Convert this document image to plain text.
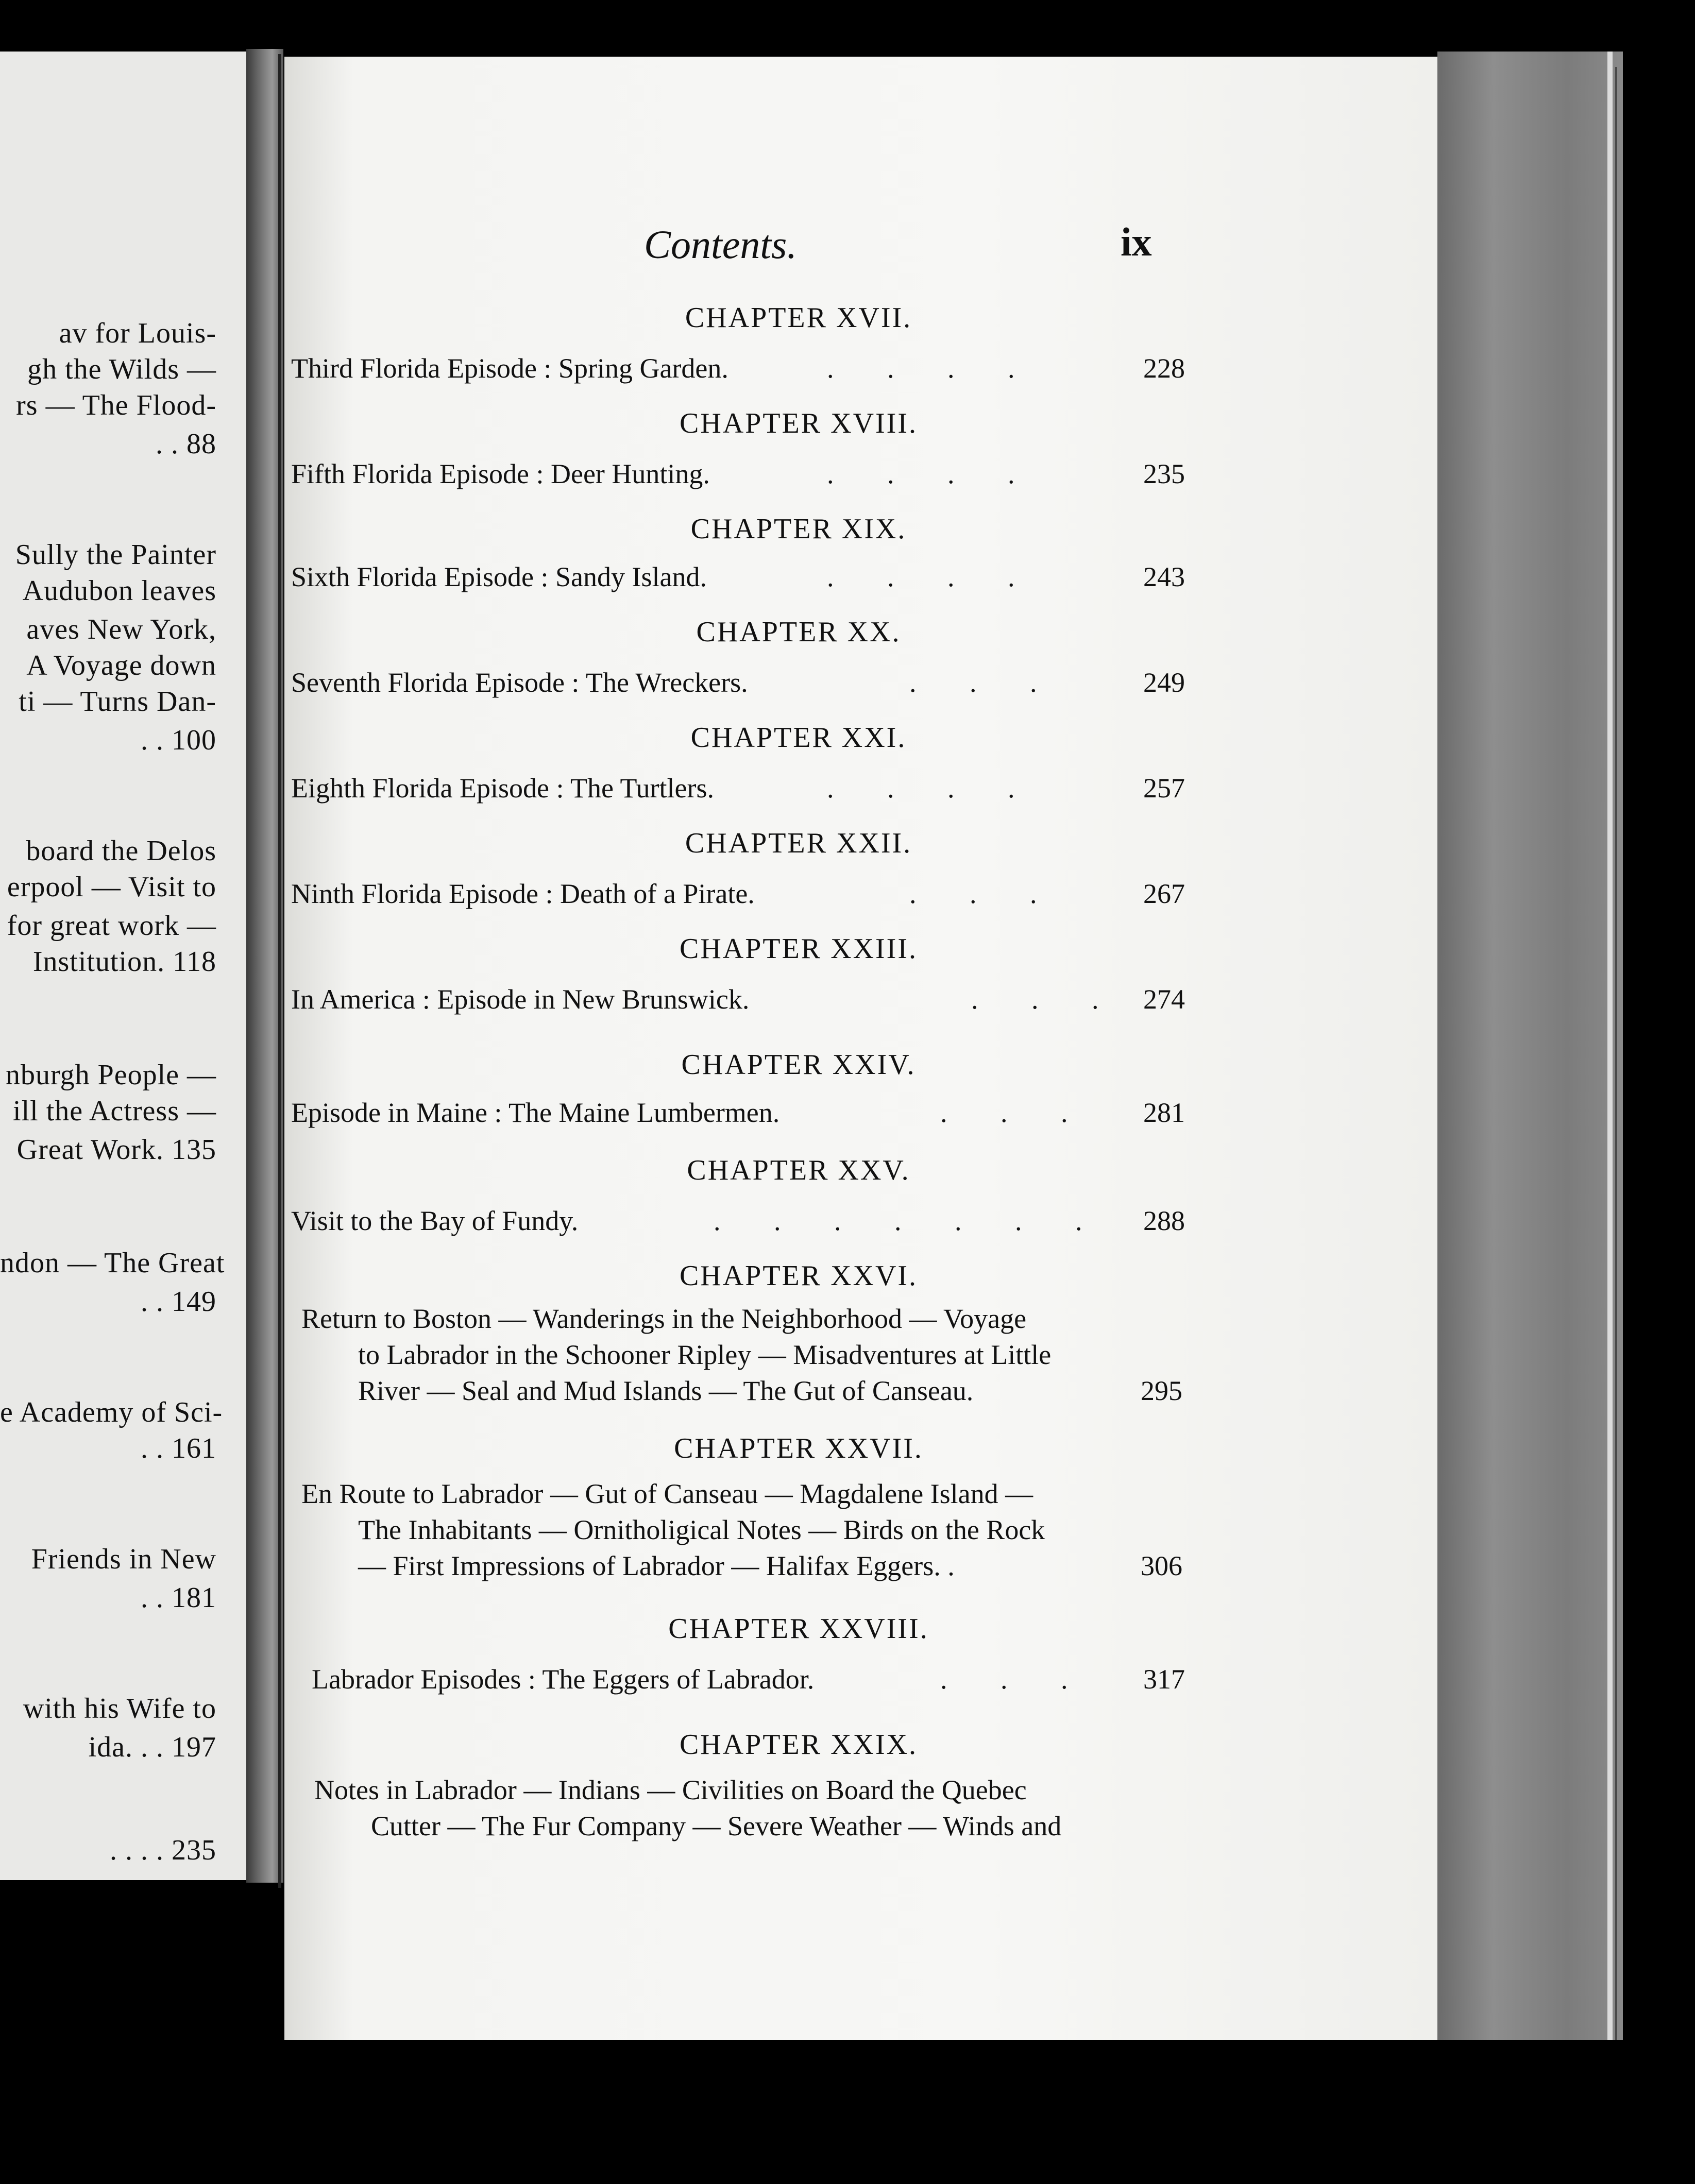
av for Louis-
gh the Wilds —
rs — The Flood-
. . 88
Sully the Painter
Audubon leaves
aves New York,
A Voyage down
ti — Turns Dan-
. . 100
board the Delos
erpool — Visit to
for great work —
Institution. 118
nburgh People —
ill the Actress —
Great Work. 135
ndon — The Great
. . 149
e Academy of Sci-
. . 161
Friends in New
. . 181
with his Wife to
ida. . . 197
. . . . 235
Contents.	ix
CHAPTER XVII.
Third Florida Episode : Spring Garden.	.     .     .     .	228
CHAPTER XVIII.
Fifth Florida Episode : Deer Hunting.	.     .     .     .	235
CHAPTER XIX.
Sixth Florida Episode : Sandy Island.	.     .     .     .	243
CHAPTER XX.
Seventh Florida Episode : The Wreckers.	.     .     .	249
CHAPTER XXI.
Eighth Florida Episode : The Turtlers.	.     .     .     .	257
CHAPTER XXII.
Ninth Florida Episode : Death of a Pirate.	.     .     .	267
CHAPTER XXIII.
In America : Episode in New Brunswick.	.     .     . 274
CHAPTER XXIV.
Episode in Maine : The Maine Lumbermen.	.     .     .	281
CHAPTER XXV.
Visit to the Bay of Fundy.	.     .     .     .     .     .     . 288
CHAPTER XXVI.
Return to Boston — Wanderings in the Neighborhood — Voyage
to Labrador in the Schooner Ripley — Misadventures at Little
River — Seal and Mud Islands — The Gut of Canseau.	295
CHAPTER XXVII.
En Route to Labrador — Gut of Canseau — Magdalene Island —
The Inhabitants — Ornitholigical Notes — Birds on the Rock
— First Impressions of Labrador — Halifax Eggers. .	306
CHAPTER XXVIII.
Labrador Episodes : The Eggers of Labrador.	.     .     .	317
CHAPTER XXIX.
Notes in Labrador — Indians — Civilities on Board the Quebec
Cutter — The Fur Company — Severe Weather — Winds and
